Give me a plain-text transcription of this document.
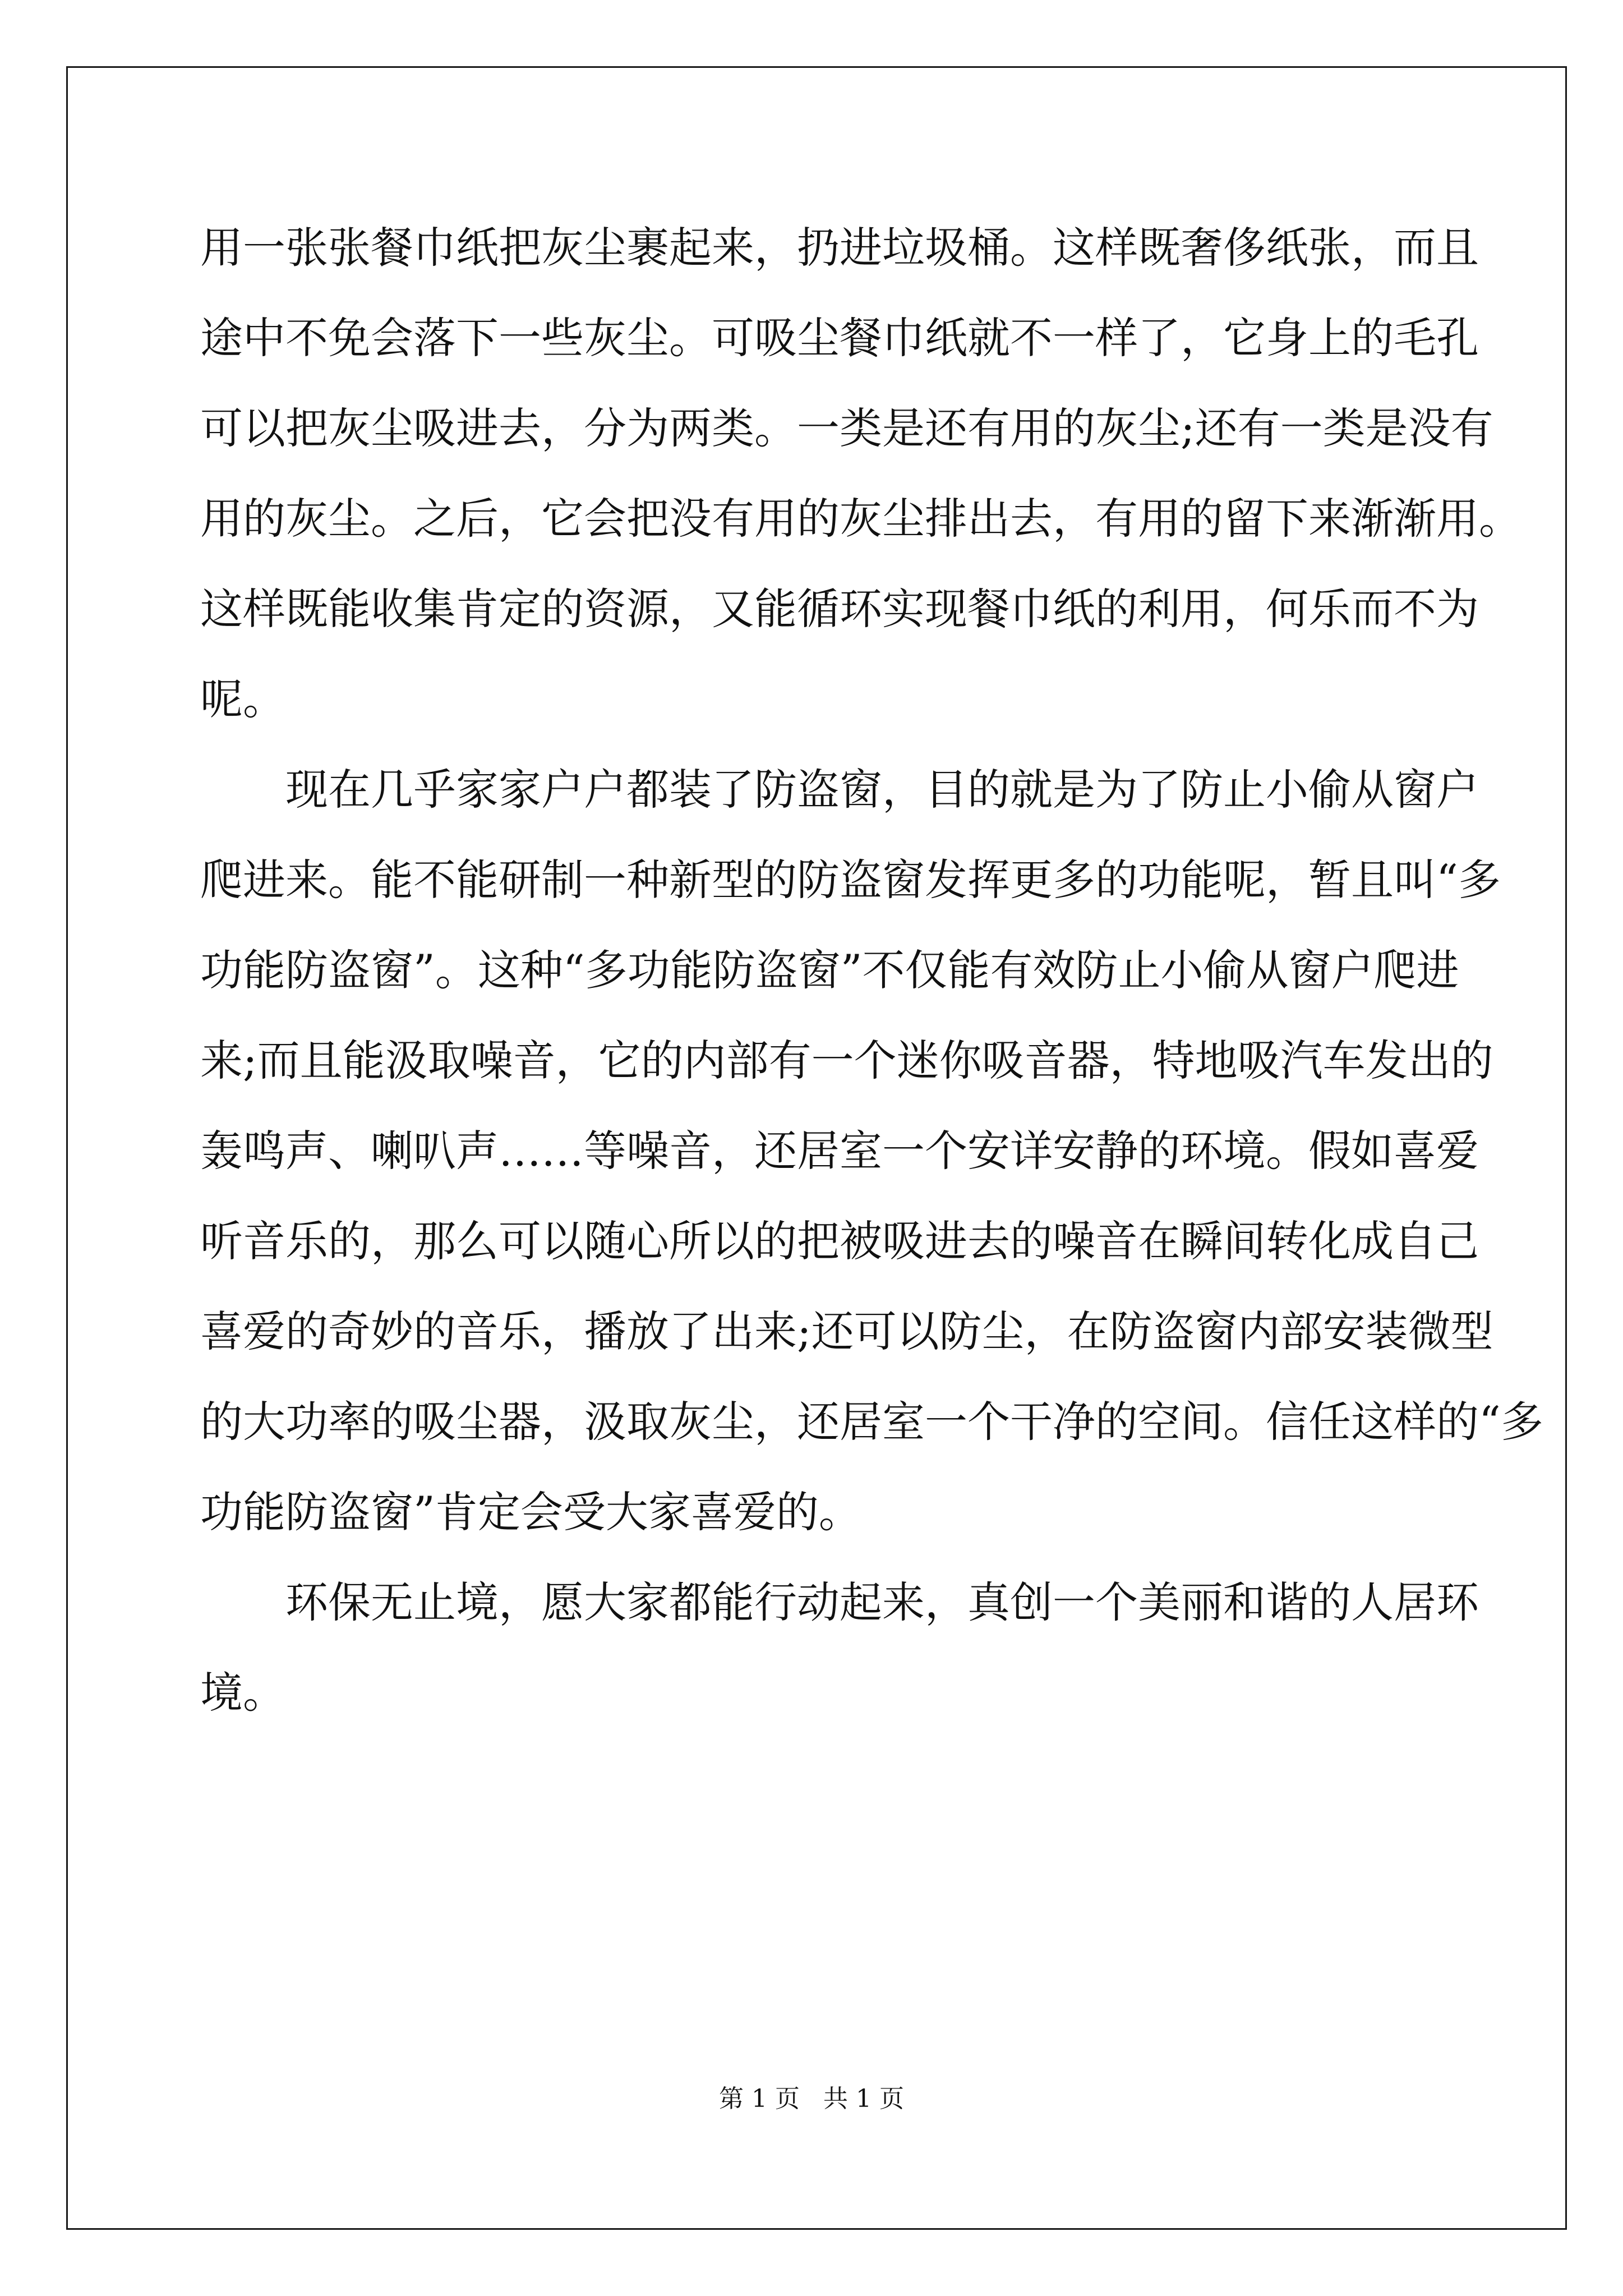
用一张张餐巾纸把灰尘裹起来，扔进垃圾桶。这样既奢侈纸张，而且
途中不免会落下一些灰尘。可吸尘餐巾纸就不一样了，它身上的毛孔
可以把灰尘吸进去，分为两类。一类是还有用的灰尘;还有一类是没有
用的灰尘。之后，它会把没有用的灰尘排出去，有用的留下来渐渐用。
这样既能收集肯定的资源，又能循环实现餐巾纸的利用，何乐而不为
呢。
现在几乎家家户户都装了防盗窗，目的就是为了防止小偷从窗户
爬进来。能不能研制一种新型的防盗窗发挥更多的功能呢，暂且叫“多
功能防盗窗”。这种“多功能防盗窗”不仅能有效防止小偷从窗户爬进
来;而且能汲取噪音，它的内部有一个迷你吸音器，特地吸汽车发出的
轰鸣声、喇叭声……等噪音，还居室一个安详安静的环境。假如喜爱
听音乐的，那么可以随心所以的把被吸进去的噪音在瞬间转化成自己
喜爱的奇妙的音乐，播放了出来;还可以防尘，在防盗窗内部安装微型
的大功率的吸尘器，汲取灰尘，还居室一个干净的空间。信任这样的“多
功能防盗窗”肯定会受大家喜爱的。
环保无止境，愿大家都能行动起来，真创一个美丽和谐的人居环
境。
第 1 页 共 1 页
